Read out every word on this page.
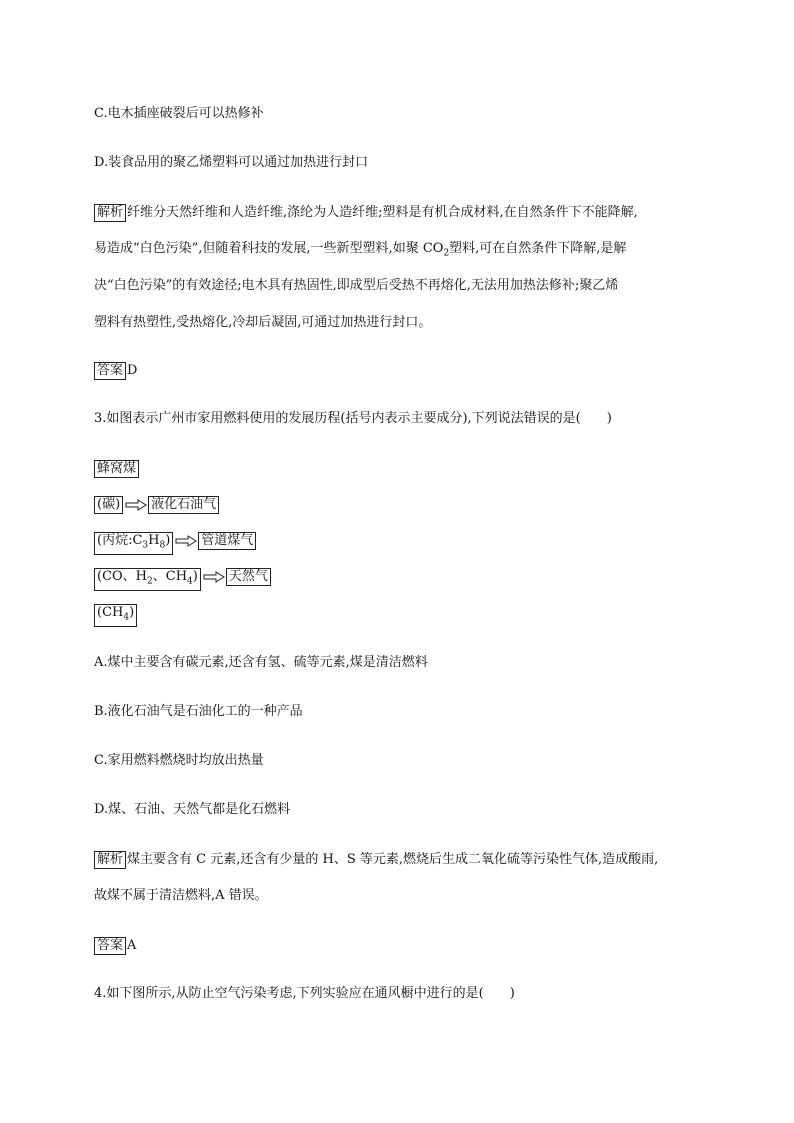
C.电木插座破裂后可以热修补

D.装食品用的聚乙烯塑料可以通过加热进行封口

解析 纤维分天然纤维和人造纤维,涤纶为人造纤维;塑料是有机合成材料,在自然条件下不能降解,
易造成“白色污染”,但随着科技的发展,一些新型塑料,如聚 $CO_2$塑料,可在自然条件下降解,是解

决“白色污染”的有效途径;电木具有热固性,即成型后受热不再熔化,无法用加热法修补;聚乙烯

塑料有热塑性,受热熔化,冷却后凝固,可通过加热进行封口。

答案 D

3.如图表示广州市家用燃料使用的发展历程(括号内表示主要成分),下列说法错误的是(　　)

蜂窝煤
(碳) 液化石油气
(丙烷$:C_3H_8$) 管道煤气
(CO、$H_2$、$CH_4$) 天然气
$(CH_4)$

A.煤中主要含有碳元素,还含有氢、硫等元素,煤是清洁燃料

B.液化石油气是石油化工的一种产品

C.家用燃料燃烧时均放出热量

D.煤、石油、天然气都是化石燃料

解析 煤主要含有 C 元素,还含有少量的 H、S 等元素,燃烧后生成二氧化硫等污染性气体,造成酸雨,

故煤不属于清洁燃料,A 错误。

答案 A

4.如下图所示,从防止空气污染考虑,下列实验应在通风橱中进行的是(　　)
